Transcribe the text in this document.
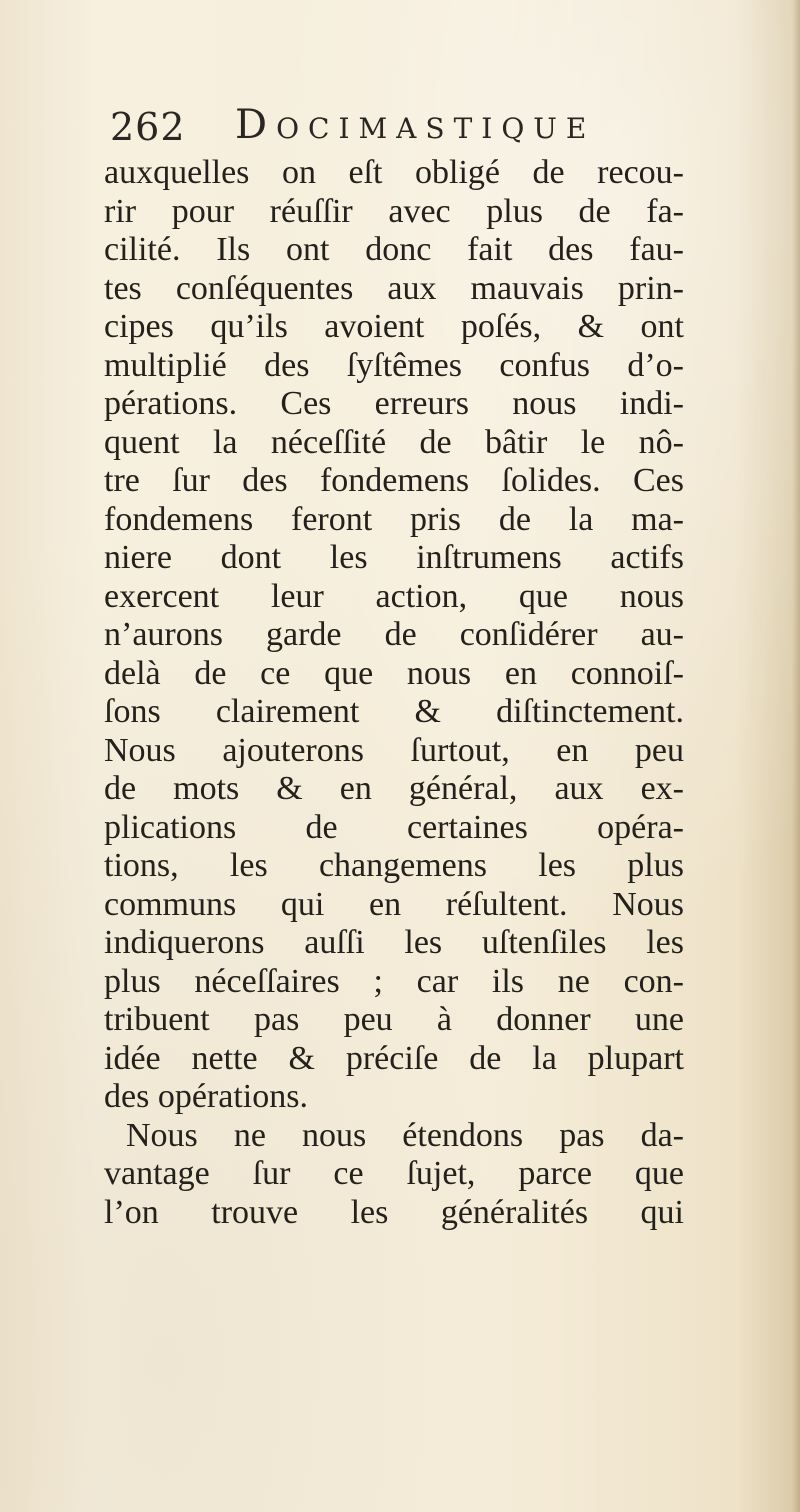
262 Docimastique
auxquelles on eſt obligé de recou-
rir pour réuſſir avec plus de fa-
cilité. Ils ont donc fait des fau-
tes conſéquentes aux mauvais prin-
cipes qu’ils avoient poſés, & ont
multiplié des ſyſtêmes confus d’o-
pérations. Ces erreurs nous indi-
quent la néceſſité de bâtir le nô-
tre ſur des fondemens ſolides. Ces
fondemens feront pris de la ma-
niere dont les inſtrumens actifs
exercent leur action, que nous
n’aurons garde de conſidérer au-
delà de ce que nous en connoiſ-
ſons clairement & diſtinctement.
Nous ajouterons ſurtout, en peu
de mots & en général, aux ex-
plications de certaines opéra-
tions, les changemens les plus
communs qui en réſultent. Nous
indiquerons auſſi les uſtenſiles les
plus néceſſaires ; car ils ne con-
tribuent pas peu à donner une
idée nette & préciſe de la plupart
des opérations.
Nous ne nous étendons pas da-
vantage ſur ce ſujet, parce que
l’on trouve les généralités qui
